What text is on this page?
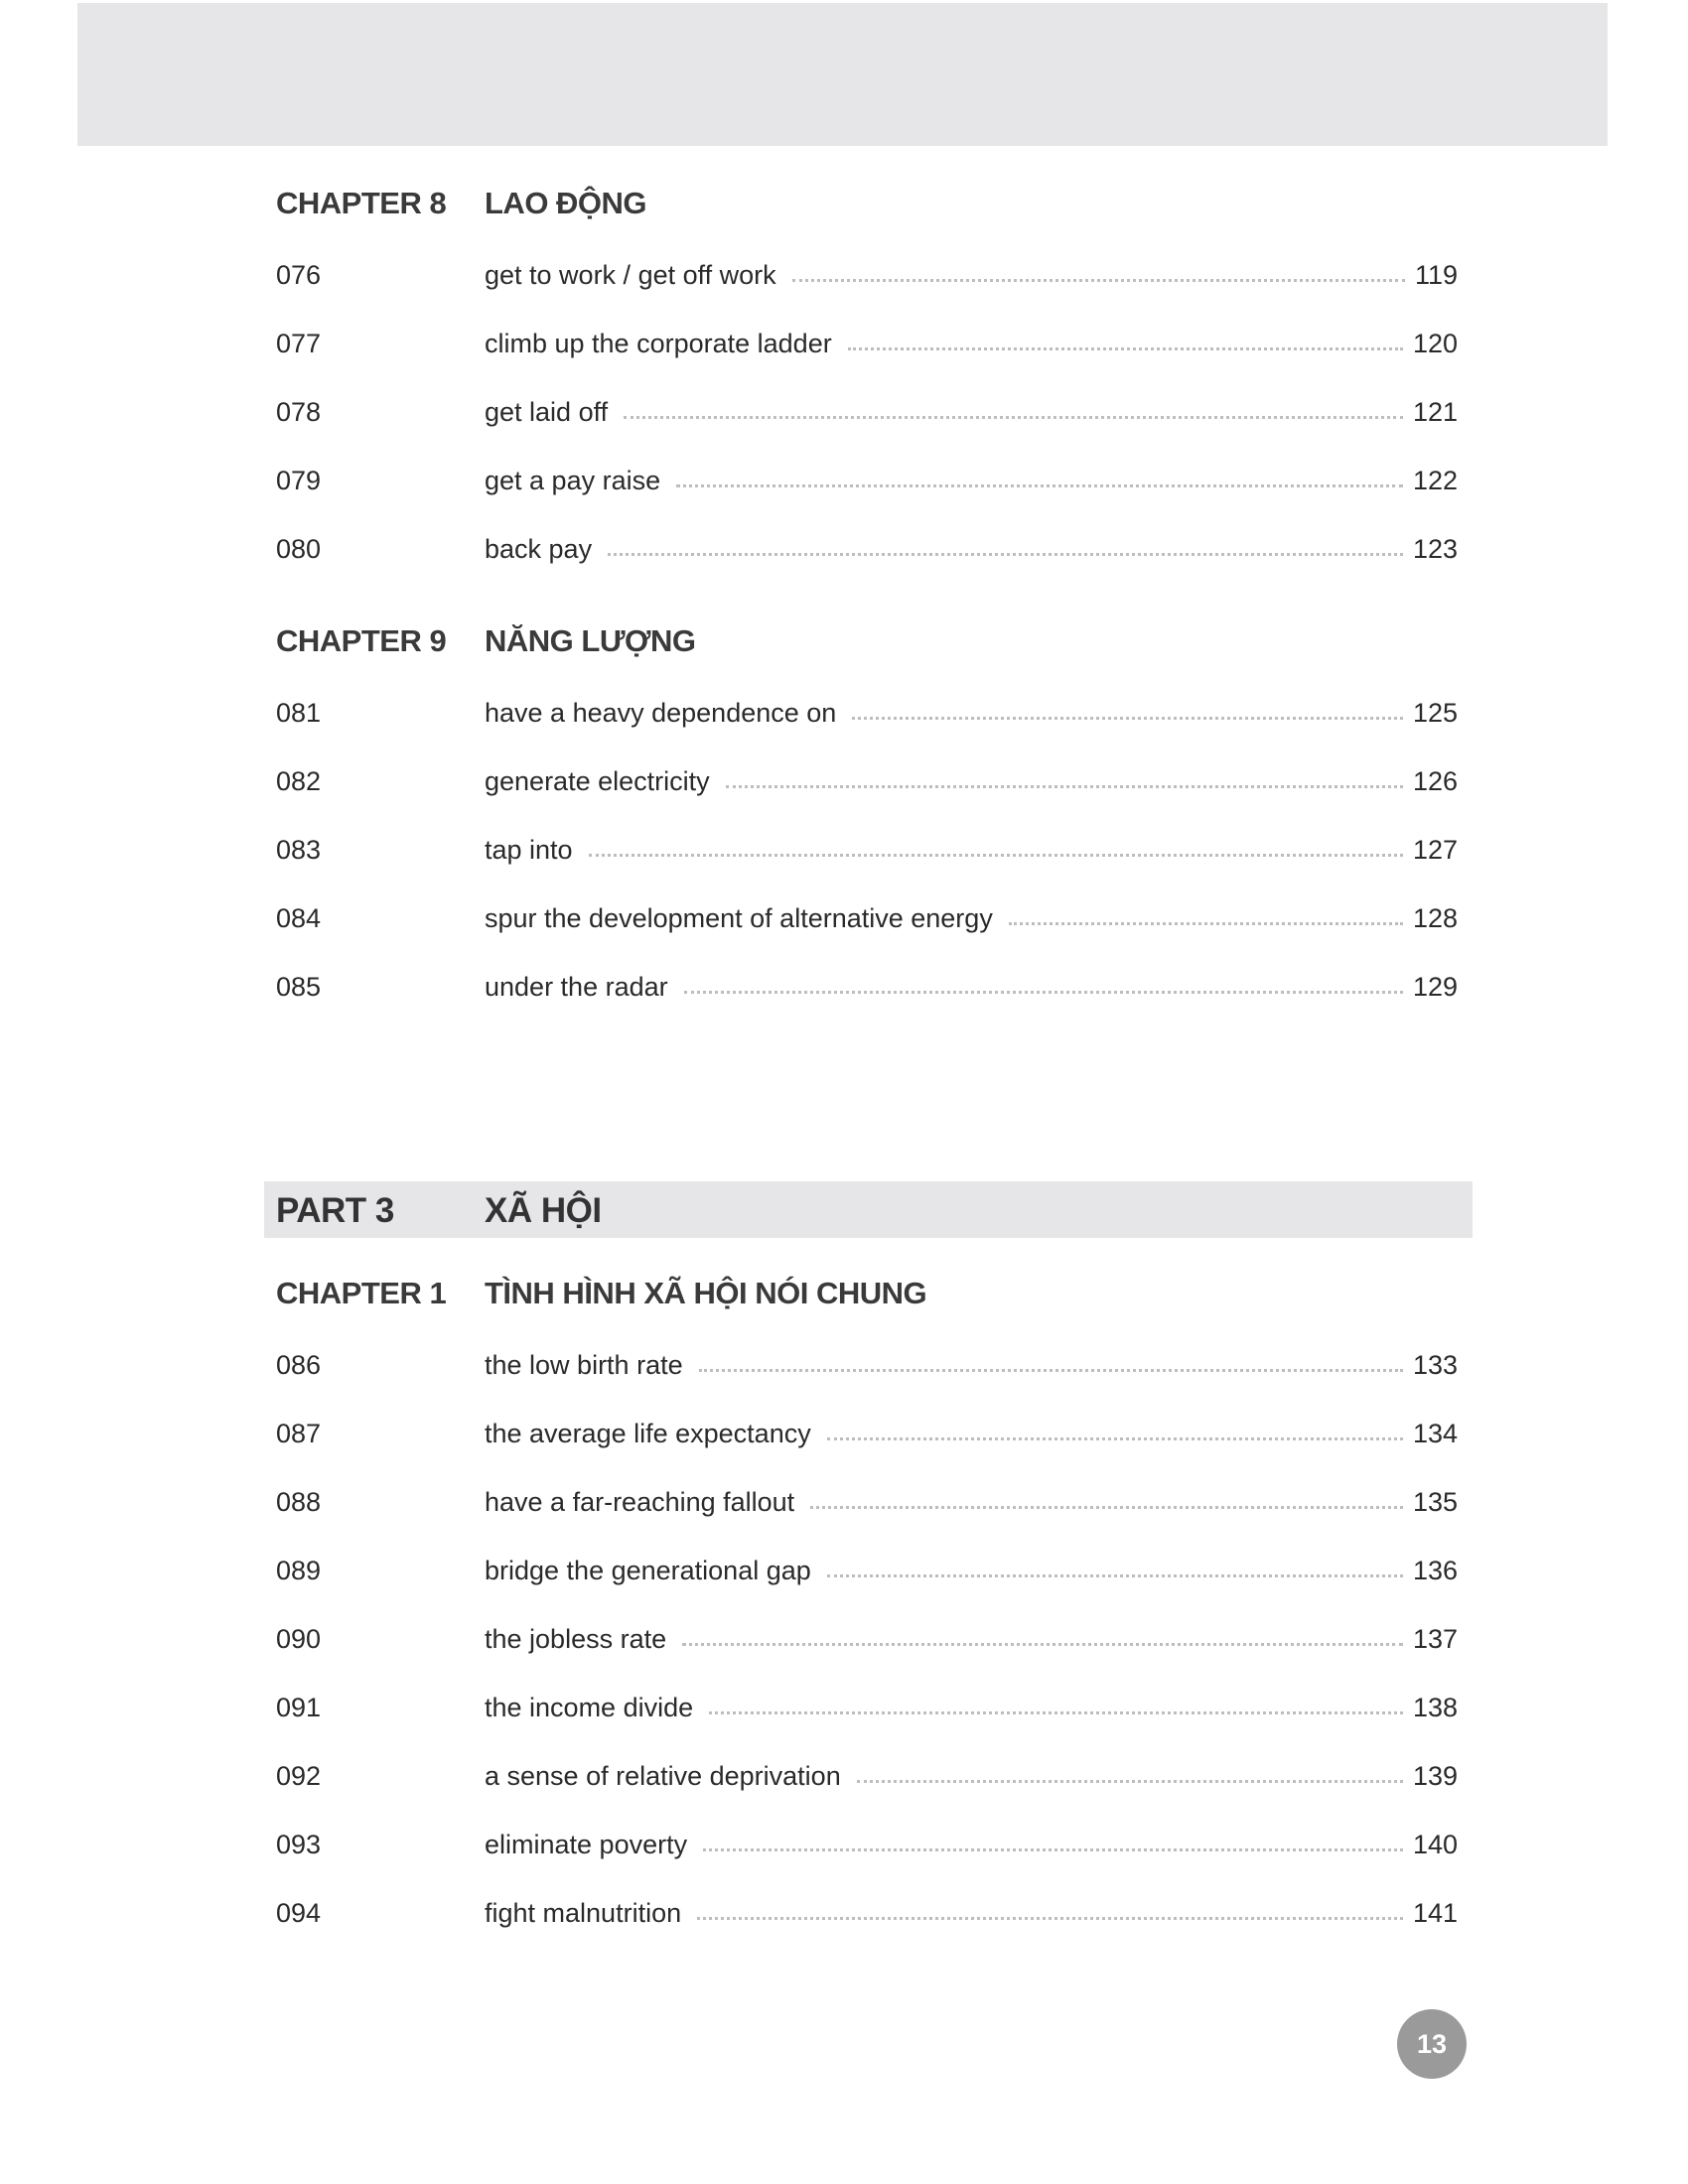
PART 3	XÃ HỘI
CHAPTER 8 LAO ĐỘNG
076	get to work / get off work	119
077	climb up the corporate ladder	120
078	get laid off	121
079	get a pay raise	122
080	back pay	123
CHAPTER 9 NĂNG LƯỢNG
081	have a heavy dependence on	125
082	generate electricity	126
083	tap into	127
084	spur the development of alternative energy	128
085	under the radar	129
CHAPTER 1 TÌNH HÌNH XÃ HỘI NÓI CHUNG
086	the low birth rate	133
087	the average life expectancy	134
088	have a far-reaching fallout	135
089	bridge the generational gap	136
090	the jobless rate	137
091	the income divide	138
092	a sense of relative deprivation	139
093	eliminate poverty	140
094	fight malnutrition	141
13
